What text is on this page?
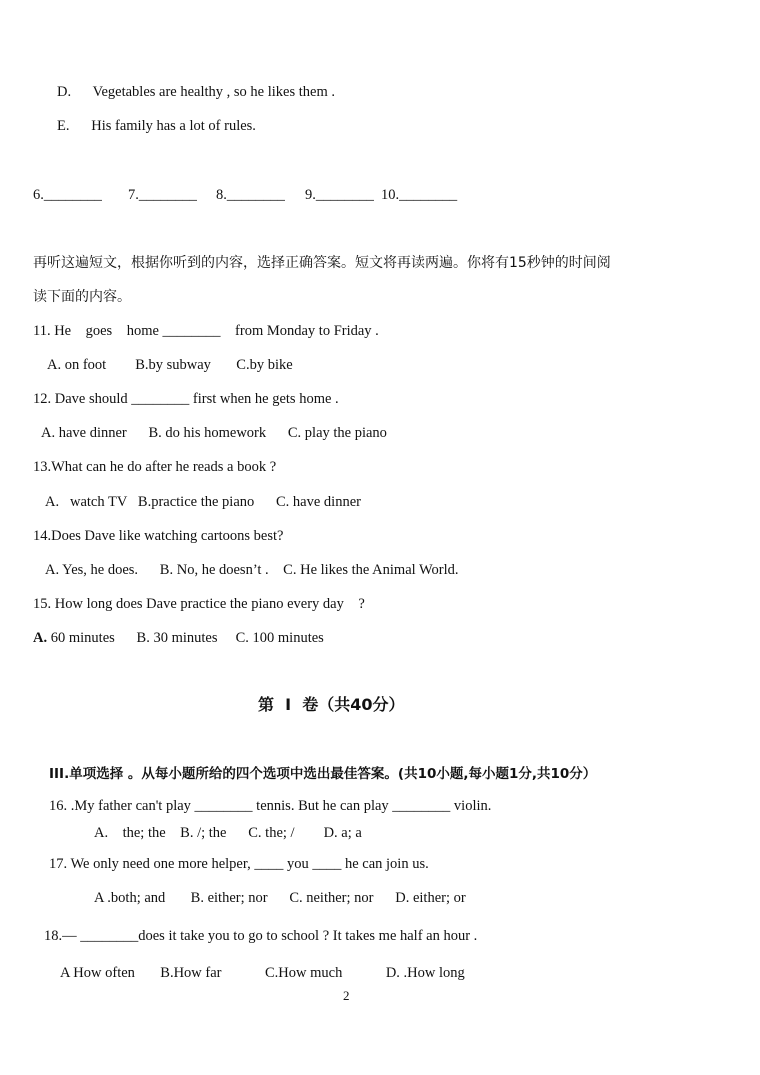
D.      Vegetables are healthy , so he likes them .
E.      His family has a lot of rules.
6.________ 7.________ 8.________ 9.________ 10.________
再听这遍短文，根据你听到的内容，选择正确答案。短文将再读两遍。你将有15秒钟的时间阅
读下面的内容。
11. He    goes    home ________    from Monday to Friday .
A. on foot        B.by subway       C.by bike
12. Dave should ________ first when he gets home .
A. have dinner      B. do his homework      C. play the piano
13.What can he do after he reads a book ?
A.   watch TV   B.practice the piano      C. have dinner
14.Does Dave like watching cartoons best?
A. Yes, he does.      B. No, he doesn’t .    C. He likes the Animal World.
15. How long does Dave practice the piano every day    ?
A. 60 minutes      B. 30 minutes     C. 100 minutes
第  I  卷（共40分）
III.单项选择 。从每小题所给的四个选项中选出最佳答案。(共10小题,每小题1分,共10分）
16. .My father can't play ________ tennis. But he can play ________ violin.
A.    the; the    B. /; the      C. the; /        D. a; a
17. We only need one more helper, ____ you ____ he can join us.
A .both; and       B. either; nor      C. neither; nor      D. either; or
18.— ________does it take you to go to school ? It takes me half an hour .
A How often       B.How far            C.How much            D. .How long
2
